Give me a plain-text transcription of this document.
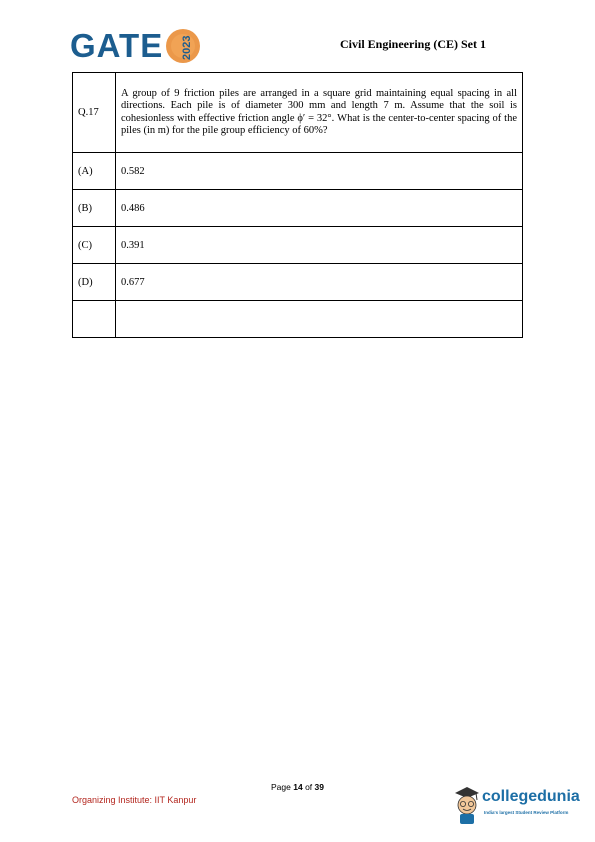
GATE 2023	Civil Engineering (CE) Set 1
Q.17	A group of 9 friction piles are arranged in a square grid maintaining equal spacing in all directions. Each pile is of diameter 300 mm and length 7 m. Assume that the soil is cohesionless with effective friction angle ϕ′ = 32°. What is the center-to-center spacing of the piles (in m) for the pile group efficiency of 60%?
(A)	0.582
(B)	0.486
(C)	0.391
(D)	0.677

Page 14 of 39
Organizing Institute: IIT Kanpur	collegedunia
India's largest Student Review Platform
